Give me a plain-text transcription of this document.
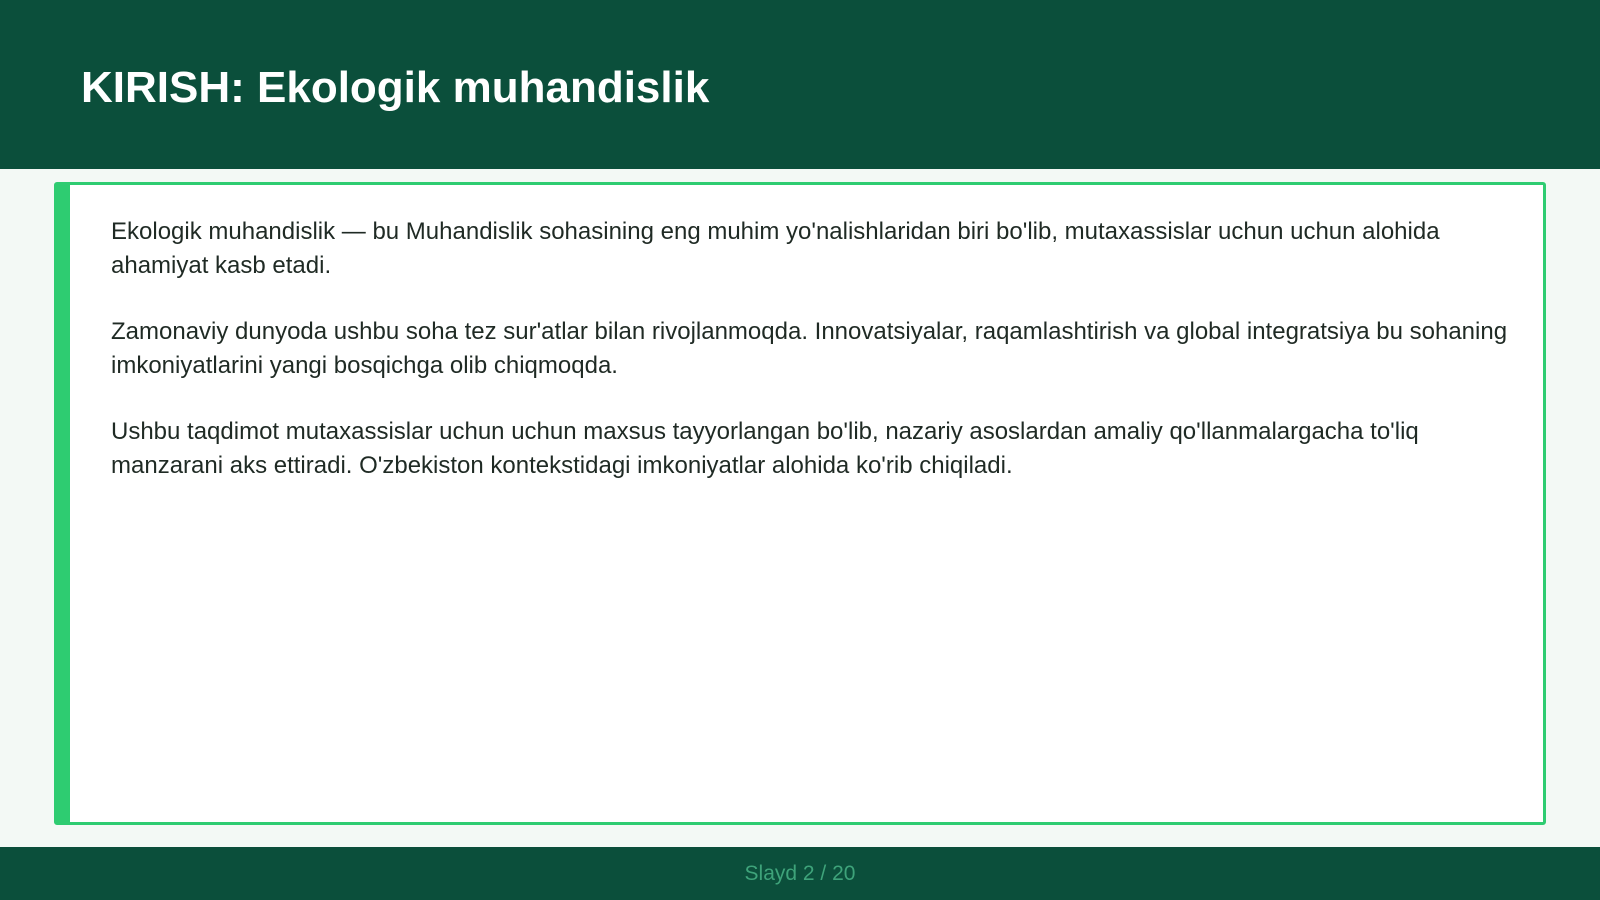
KIRISH: Ekologik muhandislik

Ekologik muhandislik — bu Muhandislik sohasining eng muhim yo'nalishlaridan biri bo'lib, mutaxassislar uchun uchun alohida ahamiyat kasb etadi.

Zamonaviy dunyoda ushbu soha tez sur'atlar bilan rivojlanmoqda. Innovatsiyalar, raqamlashtirish va global integratsiya bu sohaning imkoniyatlarini yangi bosqichga olib chiqmoqda.

Ushbu taqdimot mutaxassislar uchun uchun maxsus tayyorlangan bo'lib, nazariy asoslardan amaliy qo'llanmalargacha to'liq manzarani aks ettiradi. O'zbekiston kontekstidagi imkoniyatlar alohida ko'rib chiqiladi.

Slayd 2 / 20
